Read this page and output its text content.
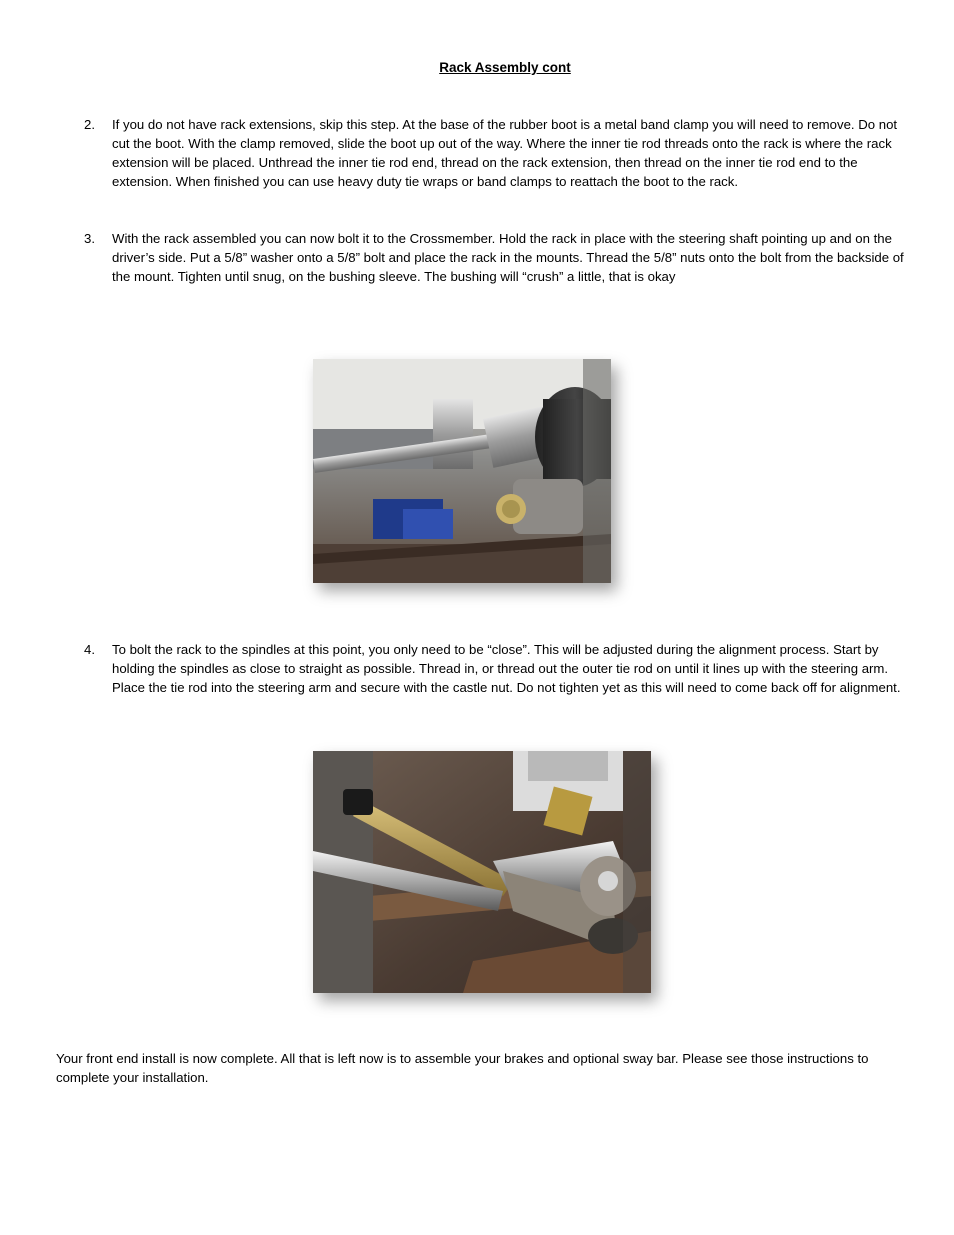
Rack Assembly cont
2. If you do not have rack extensions, skip this step. At the base of the rubber boot is a metal band clamp you will need to remove. Do not cut the boot. With the clamp removed, slide the boot up out of the way. Where the inner tie rod threads onto the rack is where the rack extension will be placed. Unthread the inner tie rod end, thread on the rack extension, then thread on the inner tie rod end to the extension. When finished you can use heavy duty tie wraps or band clamps to reattach the boot to the rack.
3. With the rack assembled you can now bolt it to the Crossmember. Hold the rack in place with the steering shaft pointing up and on the driver’s side. Put a 5/8” washer onto a 5/8” bolt and place the rack in the mounts. Thread the 5/8” nuts onto the bolt from the backside of the mount. Tighten until snug, on the bushing sleeve. The bushing will “crush” a little, that is okay
4. To bolt the rack to the spindles at this point, you only need to be “close”. This will be adjusted during the alignment process. Start by holding the spindles as close to straight as possible. Thread in, or thread out the outer tie rod on until it lines up with the steering arm. Place the tie rod into the steering arm and secure with the castle nut. Do not tighten yet as this will need to come back off for alignment.
Your front end install is now complete. All that is left now is to assemble your brakes and optional sway bar. Please see those instructions to complete your installation.
